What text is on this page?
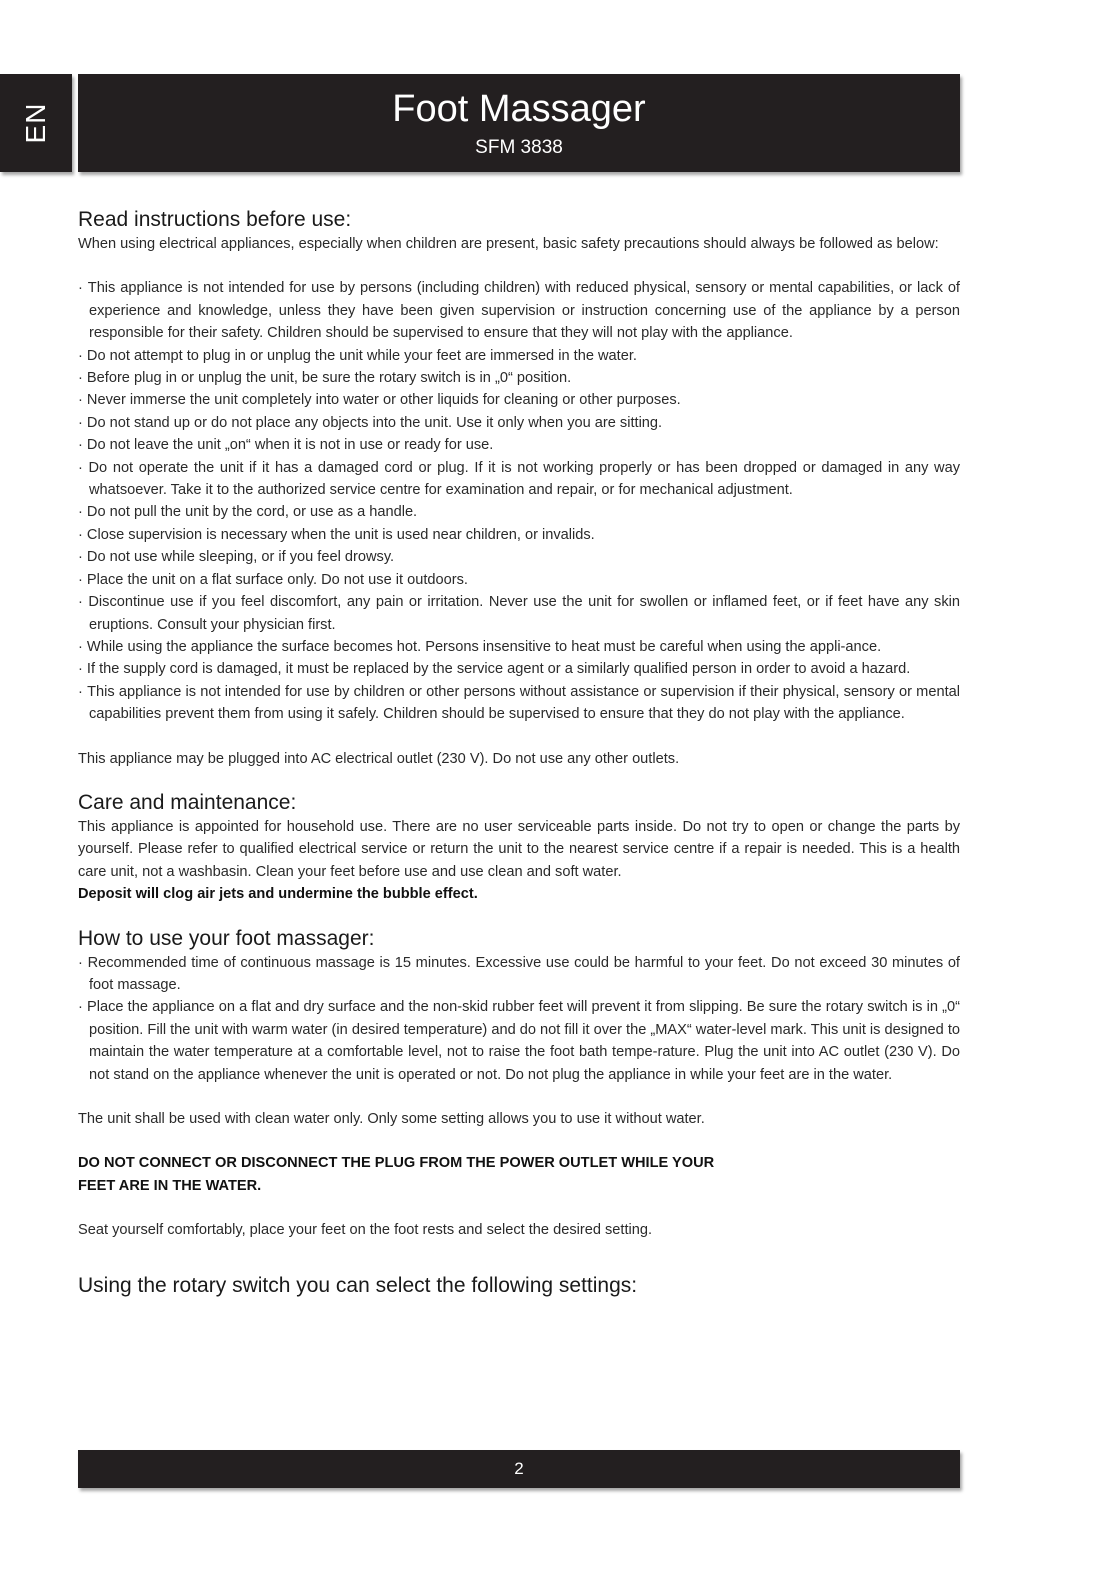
EN	Foot Massager
SFM 3838
Read instructions before use:

When using electrical appliances, especially when children are present, basic safety precautions should always be followed as below:

· This appliance is not intended for use by persons (including children) with reduced physical, sensory or mental capabilities, or lack of experience and knowledge, unless they have been given supervision or instruction concerning use of the appliance by a person responsible for their safety. Children should be supervised to ensure that they will not play with the appliance.
· Do not attempt to plug in or unplug the unit while your feet are immersed in the water.
· Before plug in or unplug the unit, be sure the rotary switch is in „0“ position.
· Never immerse the unit completely into water or other liquids for cleaning or other purposes.
· Do not stand up or do not place any objects into the unit. Use it only when you are sitting.
· Do not leave the unit „on“ when it is not in use or ready for use.
· Do not operate the unit if it has a damaged cord or plug. If it is not working properly or has been dropped or damaged in any way whatsoever. Take it to the authorized service centre for examination and repair, or for mechanical adjustment.
· Do not pull the unit by the cord, or use as a handle.
· Close supervision is necessary when the unit is used near children, or invalids.
· Do not use while sleeping, or if you feel drowsy.
· Place the unit on a flat surface only. Do not use it outdoors.
· Discontinue use if you feel discomfort, any pain or irritation. Never use the unit for swollen or inflamed feet, or if feet have any skin eruptions. Consult your physician first.
· While using the appliance the surface becomes hot. Persons insensitive to heat must be careful when using the appli-ance.
· If the supply cord is damaged, it must be replaced by the service agent or a similarly qualified person in order to avoid a hazard.
· This appliance is not intended for use by children or other persons without assistance or supervision if their physical, sensory or mental capabilities prevent them from using it safely. Children should be supervised to ensure that they do not play with the appliance.

This appliance may be plugged into AC electrical outlet (230 V). Do not use any other outlets.

Care and maintenance:

This appliance is appointed for household use. There are no user serviceable parts inside. Do not try to open or change the parts by yourself. Please refer to qualified electrical service or return the unit to the nearest service centre if a repair is needed. This is a health care unit, not a washbasin. Clean your feet before use and use clean and soft water.

Deposit will clog air jets and undermine the bubble effect.

How to use your foot massager:
· Recommended time of continuous massage is 15 minutes. Excessive use could be harmful to your feet. Do not exceed 30 minutes of foot massage.
· Place the appliance on a flat and dry surface and the non-skid rubber feet will prevent it from slipping. Be sure the rotary switch is in „0“ position. Fill the unit with warm water (in desired temperature) and do not fill it over the „MAX“ water-level mark. This unit is designed to maintain the water temperature at a comfortable level, not to raise the foot bath tempe-rature. Plug the unit into AC outlet (230 V). Do not stand on the appliance whenever the unit is operated or not. Do not plug the appliance in while your feet are in the water.

The unit shall be used with clean water only. Only some setting allows you to use it without water.

DO NOT CONNECT OR DISCONNECT THE PLUG FROM THE POWER OUTLET WHILE YOUR

FEET ARE IN THE WATER.

Seat yourself comfortably, place your feet on the foot rests and select the desired setting.

Using the rotary switch you can select the following settings:
2
